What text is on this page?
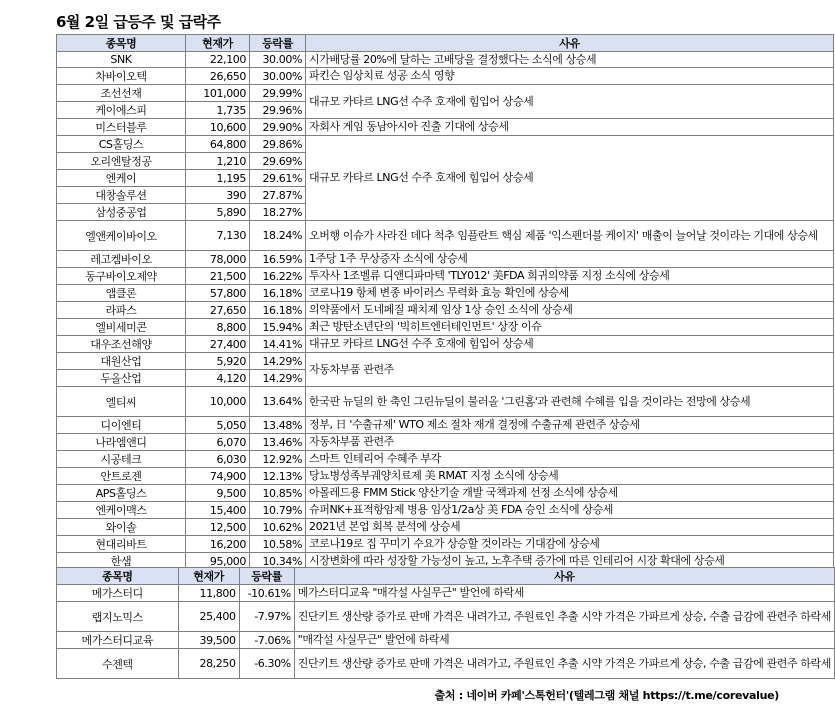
6월 2일 급등주 및 급락주
종목명	현재가	등락률	사유
SNK	22,100	30.00%	시가배당률 20%에 달하는 고배당을 결정했다는 소식에 상승세
차바이오텍	26,650	30.00%	파킨슨 임상치료 성공 소식 영향
조선선재	101,000	29.99%	대규모 카타르 LNG선 수주 호재에 힘입어 상승세
케이에스피	1,735	29.96%	
미스터블루	10,600	29.90%	자회사 게임 동남아시아 진출 기대에 상승세
CS홀딩스	64,800	29.86%	대규모 카타르 LNG선 수주 호재에 힘입어 상승세
오리엔탈정공	1,210	29.69%	
엔케이	1,195	29.61%	
대창솔루션	390	27.87%	
삼성중공업	5,890	18.27%	
엘앤케이바이오	7,130	18.24%	오버행 이슈가 사라진 데다 척추 임플란트 핵심 제품 '익스펜더블 케이지' 매출이 늘어날 것이라는 기대에 상승세
레고켐바이오	78,000	16.59%	1주당 1주 무상증자 소식에 상승세
동구바이오제약	21,500	16.22%	투자사 1조벨류 디앤디파마텍 'TLY012' 美FDA 희귀의약품 지정 소식에 상승세
앱클론	57,800	16.18%	코로나19 항체 변종 바이러스 무력화 효능 확인에 상승세
라파스	27,650	16.18%	의약품에서 도네페질 패치제 임상 1상 승인 소식에 상승세
엘비세미콘	8,800	15.94%	최근 방탄소년단의 '빅히트엔터테인먼트' 상장 이슈
대우조선해양	27,400	14.41%	대규모 카타르 LNG선 수주 호재에 힘입어 상승세
대원산업	5,920	14.29%	자동차부품 관련주
두올산업	4,120	14.29%	
엘티씨	10,000	13.64%	한국판 뉴딜의 한 축인 그린뉴딜이 불러올 '그린홈'과 관련해 수혜를 입을 것이라는 전망에 상승세
디이엔티	5,050	13.48%	정부, 日 '수출규제' WTO 제소 절차 재개 결정에 수출규제 관련주 상승세
나라엠앤디	6,070	13.46%	자동차부품 관련주
시공테크	6,030	12.92%	스마트 인테리어 수혜주 부각
안트로젠	74,900	12.13%	당뇨병성족부궤양치료제 美 RMAT 지정 소식에 상승세
APS홀딩스	9,500	10.85%	아몰레드용 FMM Stick 양산기술 개발 국책과제 선정 소식에 상승세
엔케이맥스	15,400	10.79%	슈퍼NK+표적항암제 병용 임상1/2a상 美 FDA 승인 소식에 상승세
와이솔	12,500	10.62%	2021년 본업 회복 분석에 상승세
현대리바트	16,200	10.58%	코로나19로 집 꾸미기 수요가 상승할 것이라는 기대감에 상승세
한샘	95,000	10.34%	시장변화에 따라 성장할 가능성이 높고, 노후주택 증가에 따른 인테리어 시장 확대에 상승세
종목명	현재가	등락률	사유
메가스터디	11,800	-10.61%	메가스터디교육 "매각설 사실무근" 발언에 하락세
랩지노믹스	25,400	-7.97%	진단키트 생산량 증가로 판매 가격은 내려가고, 주원료인 추출 시약 가격은 가파르게 상승, 수출 급감에 관련주 하락세
메가스터디교육	39,500	-7.06%	"매각설 사실무근" 발언에 하락세
수젠텍	28,250	-6.30%	진단키트 생산량 증가로 판매 가격은 내려가고, 주원료인 추출 시약 가격은 가파르게 상승, 수출 급감에 관련주 하락세
출처 : 네이버 카페'스톡헌터'(텔레그램 채널 https://t.me/corevalue)
